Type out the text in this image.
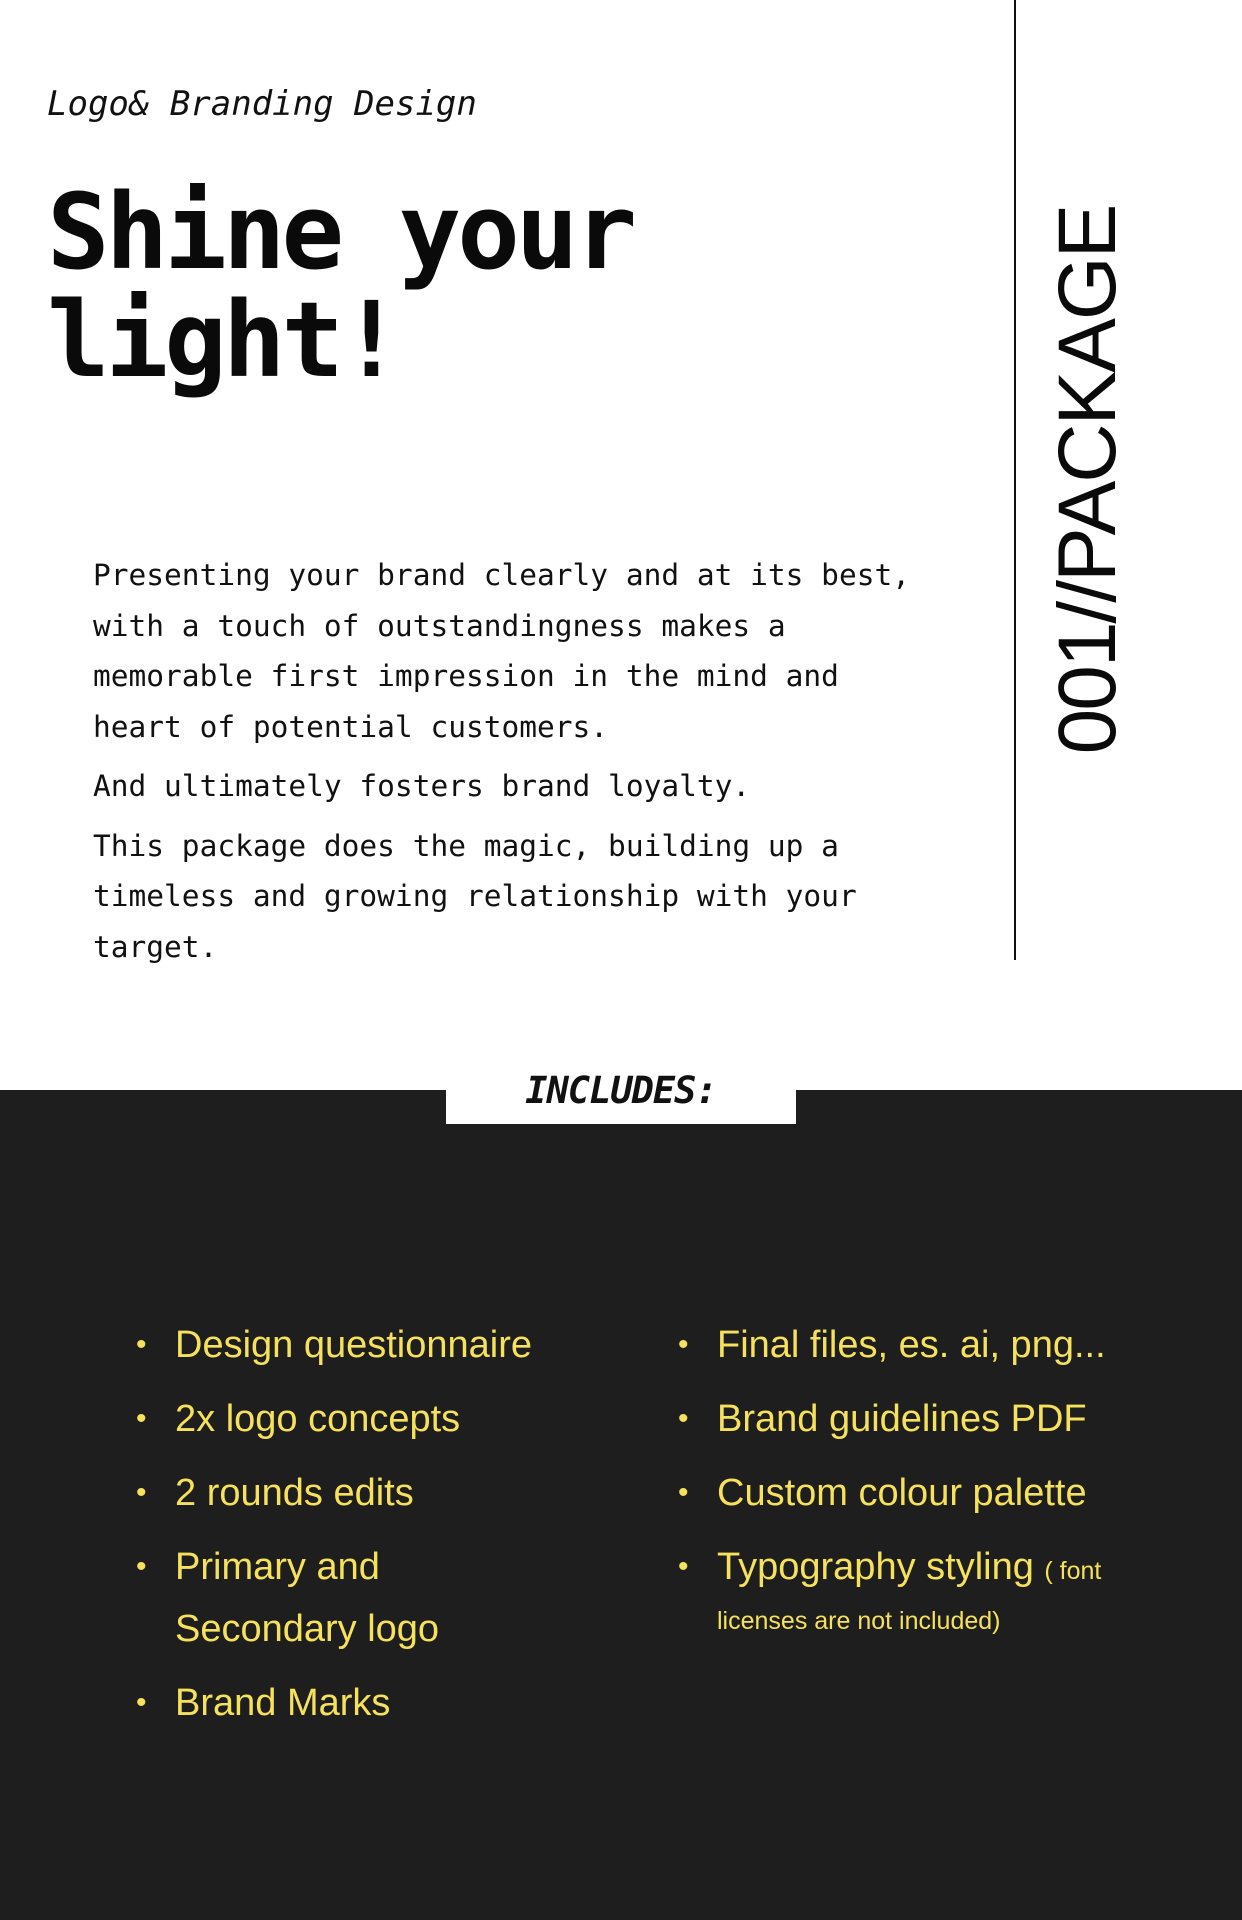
Logo& Branding Design
Shine your
light!

Presenting your brand clearly and at its best, with a touch of outstandingness makes a memorable first impression in the mind and heart of potential customers.

And ultimately fosters brand loyalty.

This package does the magic, building up a timeless and growing relationship with your target.

001//PACKAGE
INCLUDES:
• Design questionnaire
• 2x logo concepts
• 2 rounds edits
• Primary and Secondary logo
• Brand Marks
• Final files, es. ai, png...
• Brand guidelines PDF
• Custom colour palette
• Typography styling ( font licenses are not included)
